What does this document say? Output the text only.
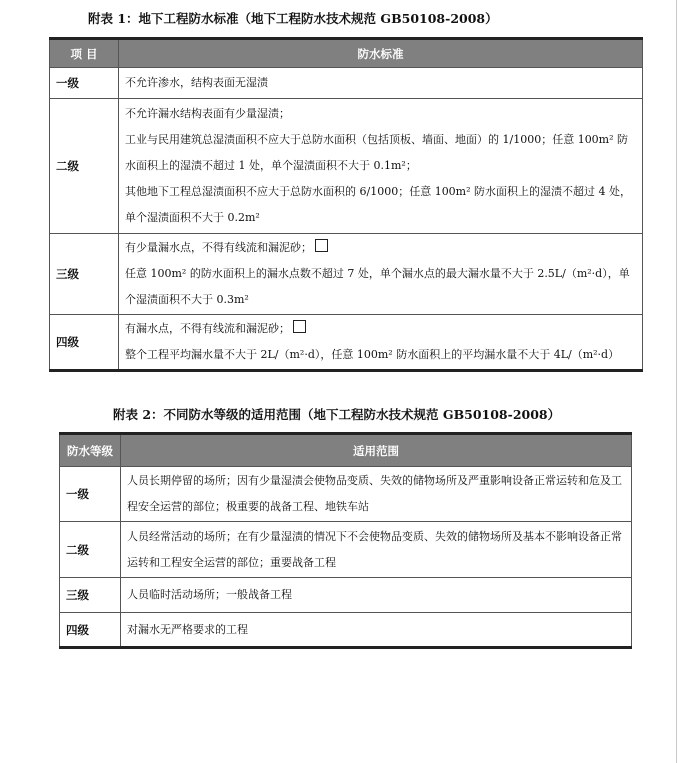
附表 1：地下工程防水标准（地下工程防水技术规范 GB50108-2008）
项 目	防水标准
一级	不允许渗水，结构表面无湿渍

二级	不允许漏水结构表面有少量湿渍；
工业与民用建筑总湿渍面积不应大于总防水面积（包括顶板、墙面、地面）的 1/1000；任意 100m² 防水面积上的湿渍不超过 1 处，单个湿渍面积不大于 0.1m²；
其他地下工程总湿渍面积不应大于总防水面积的 6/1000；任意 100m² 防水面积上的湿渍不超过 4 处，单个湿渍面积不大于 0.2m²

三级	有少量漏水点，不得有线流和漏泥砂；
任意 100m² 的防水面积上的漏水点数不超过 7 处，单个漏水点的最大漏水量不大于 2.5L/（m²·d），单个湿渍面积不大于 0.3m²

四级	有漏水点，不得有线流和漏泥砂；
整个工程平均漏水量不大于 2L/（m²·d），任意 100m² 防水面积上的平均漏水量不大于 4L/（m²·d）
附表 2：不同防水等级的适用范围（地下工程防水技术规范 GB50108-2008）
防水等级	适用范围
一级	人员长期停留的场所；因有少量湿渍会使物品变质、失效的储物场所及严重影响设备正常运转和危及工程安全运营的部位；极重要的战备工程、地铁车站
二级	人员经常活动的场所；在有少量湿渍的情况下不会使物品变质、失效的储物场所及基本不影响设备正常运转和工程安全运营的部位；重要战备工程
三级	人员临时活动场所；一般战备工程
四级	对漏水无严格要求的工程
